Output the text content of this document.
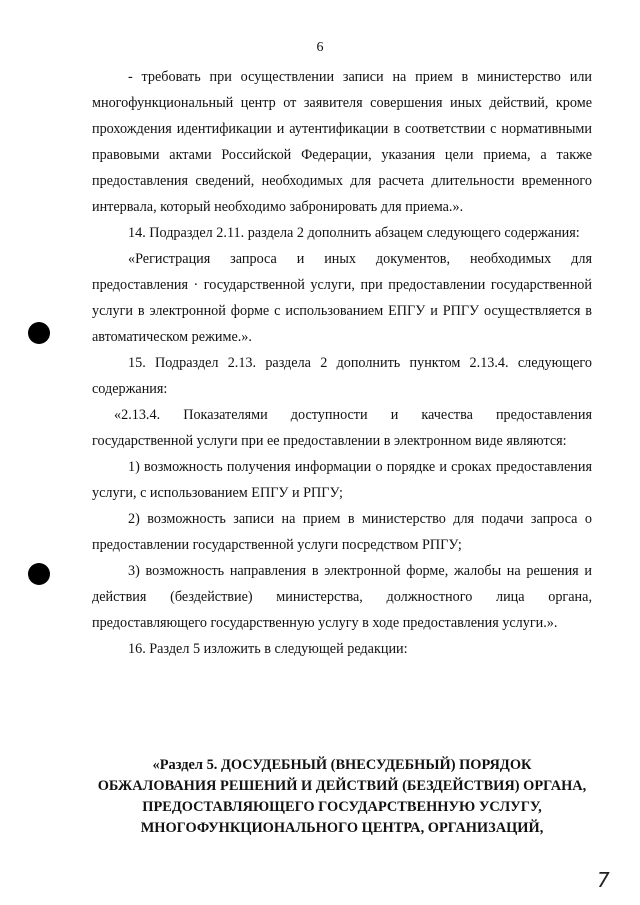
6

- требовать при осуществлении записи на прием в министерство или многофункциональный центр от заявителя совершения иных действий, кроме прохождения идентификации и аутентификации в соответствии с нормативными правовыми актами Российской Федерации, указания цели приема, а также предоставления сведений, необходимых для расчета длительности временного интервала, который необходимо забронировать для приема.».

14. Подраздел 2.11. раздела 2 дополнить абзацем следующего содержания:

«Регистрация запроса и иных документов, необходимых для предоставления · государственной услуги, при предоставлении государственной услуги в электронной форме с использованием ЕПГУ и РПГУ осуществляется в автоматическом режиме.».

15. Подраздел 2.13. раздела 2 дополнить пунктом 2.13.4. следующего содержания:

«2.13.4. Показателями доступности и качества предоставления государственной услуги при ее предоставлении в электронном виде являются:

1) возможность получения информации о порядке и сроках предоставления услуги, с использованием ЕПГУ и РПГУ;

2) возможность записи на прием в министерство для подачи запроса о предоставлении государственной услуги посредством РПГУ;

3) возможность направления в электронной форме, жалобы на решения и действия (бездействие) министерства, должностного лица органа, предоставляющего государственную услугу в ходе предоставления услуги.».

16. Раздел 5 изложить в следующей редакции:

«Раздел 5. ДОСУДЕБНЫЙ (ВНЕСУДЕБНЫЙ) ПОРЯДОК ОБЖАЛОВАНИЯ РЕШЕНИЙ И ДЕЙСТВИЙ (БЕЗДЕЙСТВИЯ) ОРГАНА, ПРЕДОСТАВЛЯЮЩЕГО ГОСУДАРСТВЕННУЮ УСЛУГУ, МНОГОФУНКЦИОНАЛЬНОГО ЦЕНТРА, ОРГАНИЗАЦИЙ,
7
